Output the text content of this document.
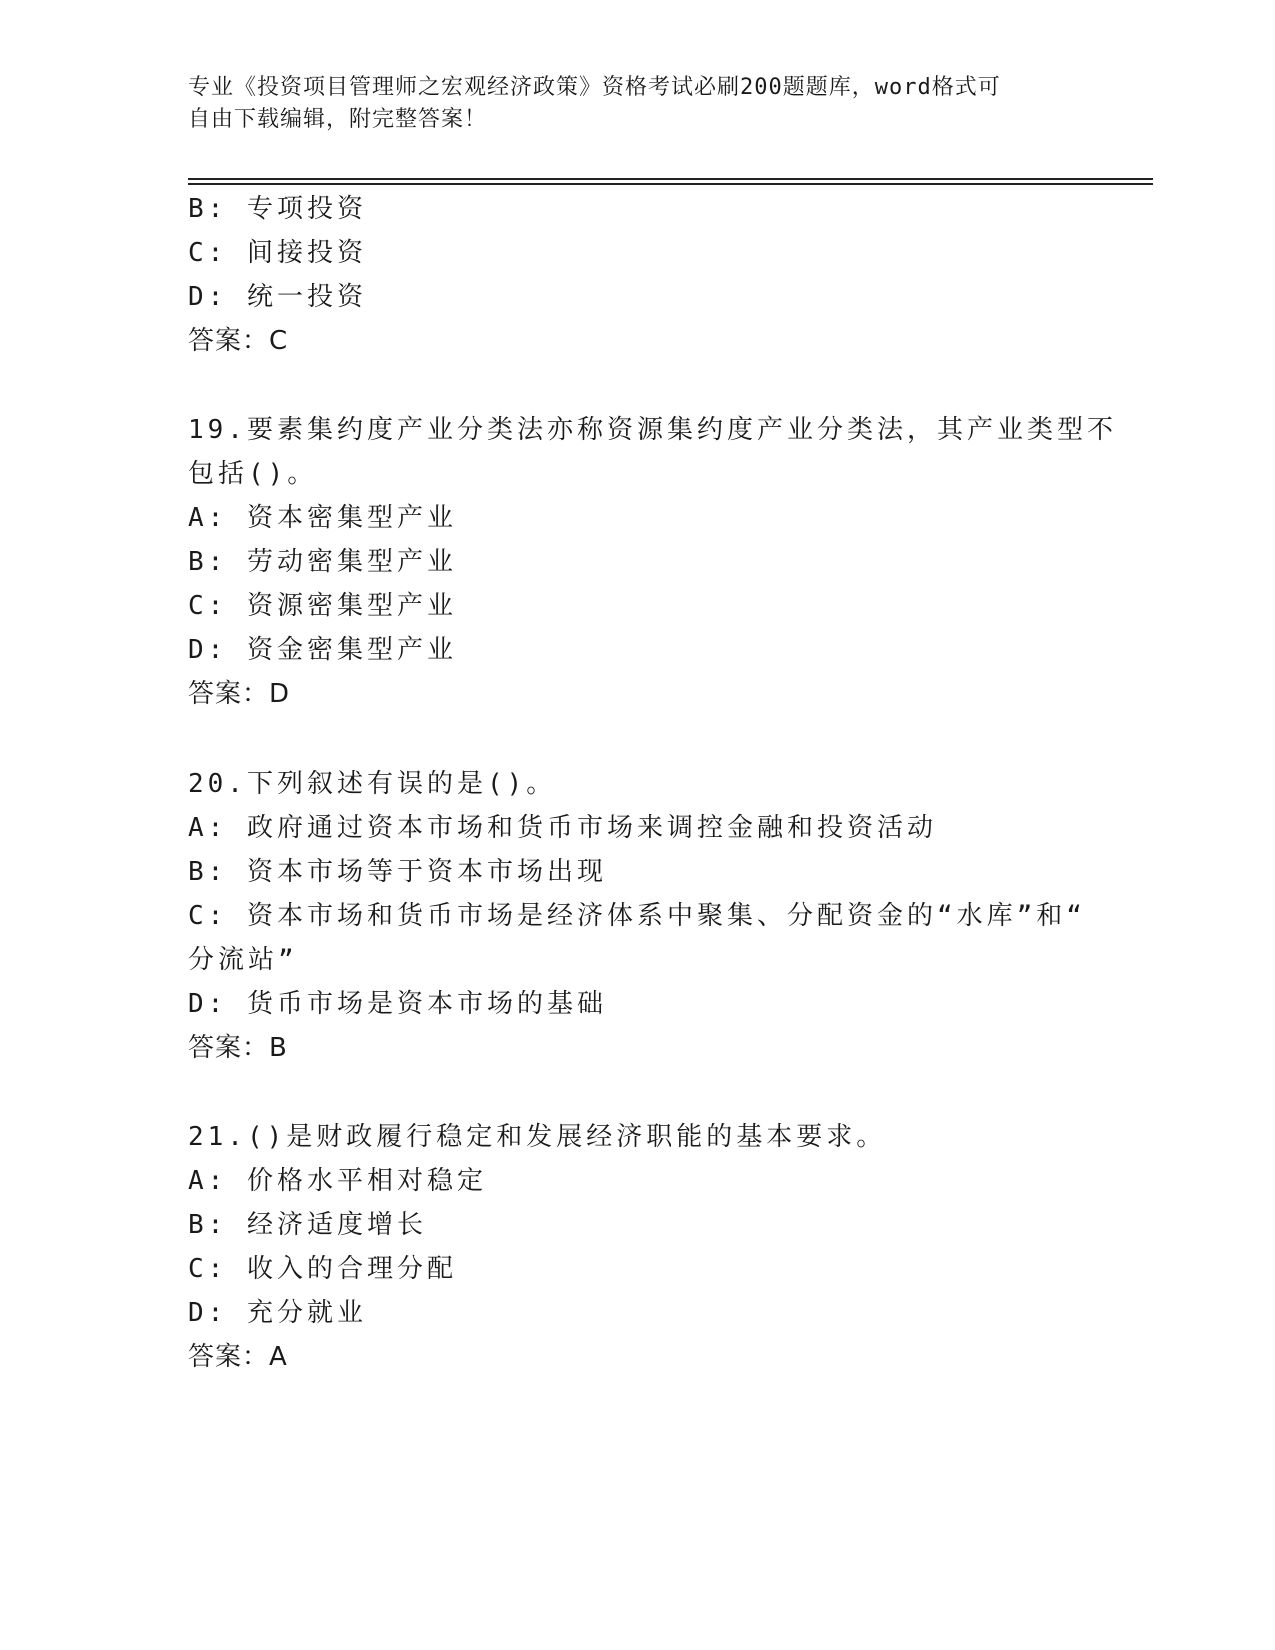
专业《投资项目管理师之宏观经济政策》资格考试必刷200题题库，word格式可
自由下载编辑，附完整答案！
B: 专项投资
C: 间接投资
D: 统一投资
答案：C
19.要素集约度产业分类法亦称资源集约度产业分类法，其产业类型不
包括()。
A: 资本密集型产业
B: 劳动密集型产业
C: 资源密集型产业
D: 资金密集型产业
答案：D
20.下列叙述有误的是()。
A: 政府通过资本市场和货币市场来调控金融和投资活动
B: 资本市场等于资本市场出现
C: 资本市场和货币市场是经济体系中聚集、分配资金的“水库”和“
分流站”
D: 货币市场是资本市场的基础
答案：B
21.()是财政履行稳定和发展经济职能的基本要求。
A: 价格水平相对稳定
B: 经济适度增长
C: 收入的合理分配
D: 充分就业
答案：A
